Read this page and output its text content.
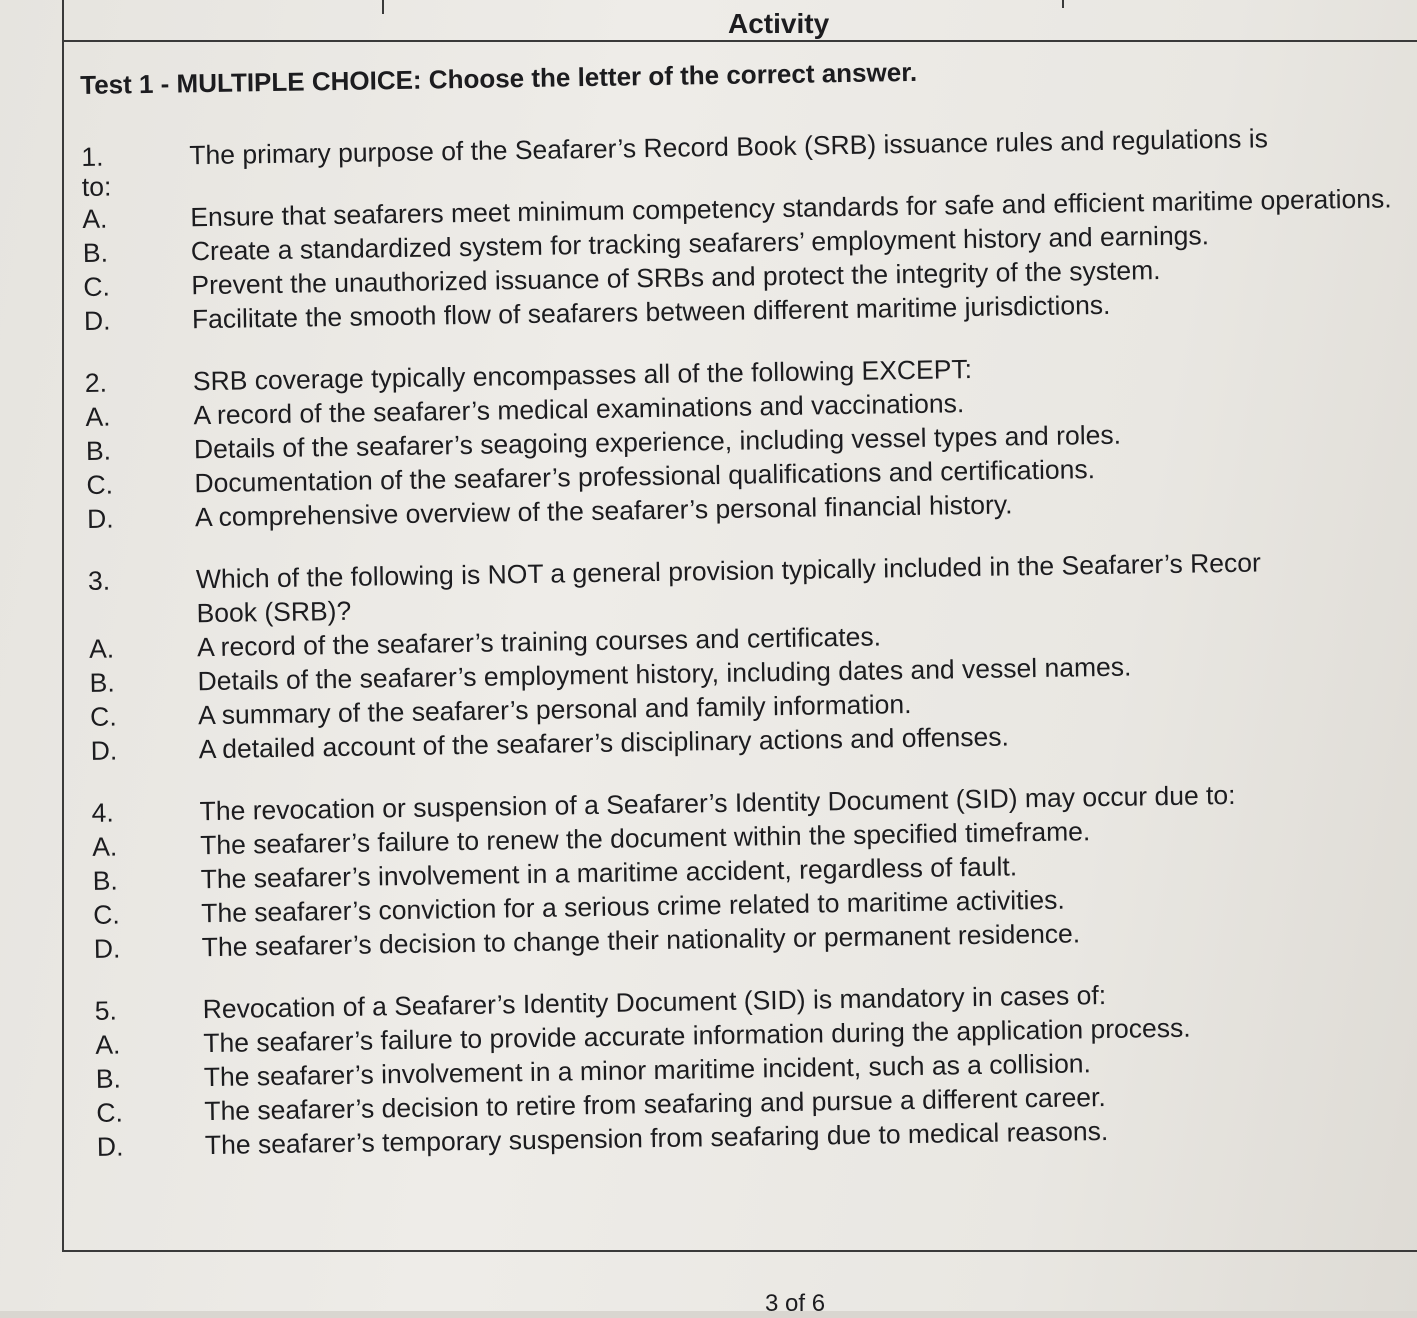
Activity
Test 1 - MULTIPLE CHOICE: Choose the letter of the correct answer.
1.	The primary purpose of the Seafarer’s Record Book (SRB) issuance rules and regulations is
to:
A.	Ensure that seafarers meet minimum competency standards for safe and efficient maritime operations.
B.	Create a standardized system for tracking seafarers’ employment history and earnings.
C.	Prevent the unauthorized issuance of SRBs and protect the integrity of the system.
D.	Facilitate the smooth flow of seafarers between different maritime jurisdictions.
2.	SRB coverage typically encompasses all of the following EXCEPT:
A.	A record of the seafarer’s medical examinations and vaccinations.
B.	Details of the seafarer’s seagoing experience, including vessel types and roles.
C.	Documentation of the seafarer’s professional qualifications and certifications.
D.	A comprehensive overview of the seafarer’s personal financial history.
3.	Which of the following is NOT a general provision typically included in the Seafarer’s Recor
Book (SRB)?
A.	A record of the seafarer’s training courses and certificates.
B.	Details of the seafarer’s employment history, including dates and vessel names.
C.	A summary of the seafarer’s personal and family information.
D.	A detailed account of the seafarer’s disciplinary actions and offenses.
4.	The revocation or suspension of a Seafarer’s Identity Document (SID) may occur due to:
A.	The seafarer’s failure to renew the document within the specified timeframe.
B.	The seafarer’s involvement in a maritime accident, regardless of fault.
C.	The seafarer’s conviction for a serious crime related to maritime activities.
D.	The seafarer’s decision to change their nationality or permanent residence.
5.	Revocation of a Seafarer’s Identity Document (SID) is mandatory in cases of:
A.	The seafarer’s failure to provide accurate information during the application process.
B.	The seafarer’s involvement in a minor maritime incident, such as a collision.
C.	The seafarer’s decision to retire from seafaring and pursue a different career.
D.	The seafarer’s temporary suspension from seafaring due to medical reasons.
3 of 6
